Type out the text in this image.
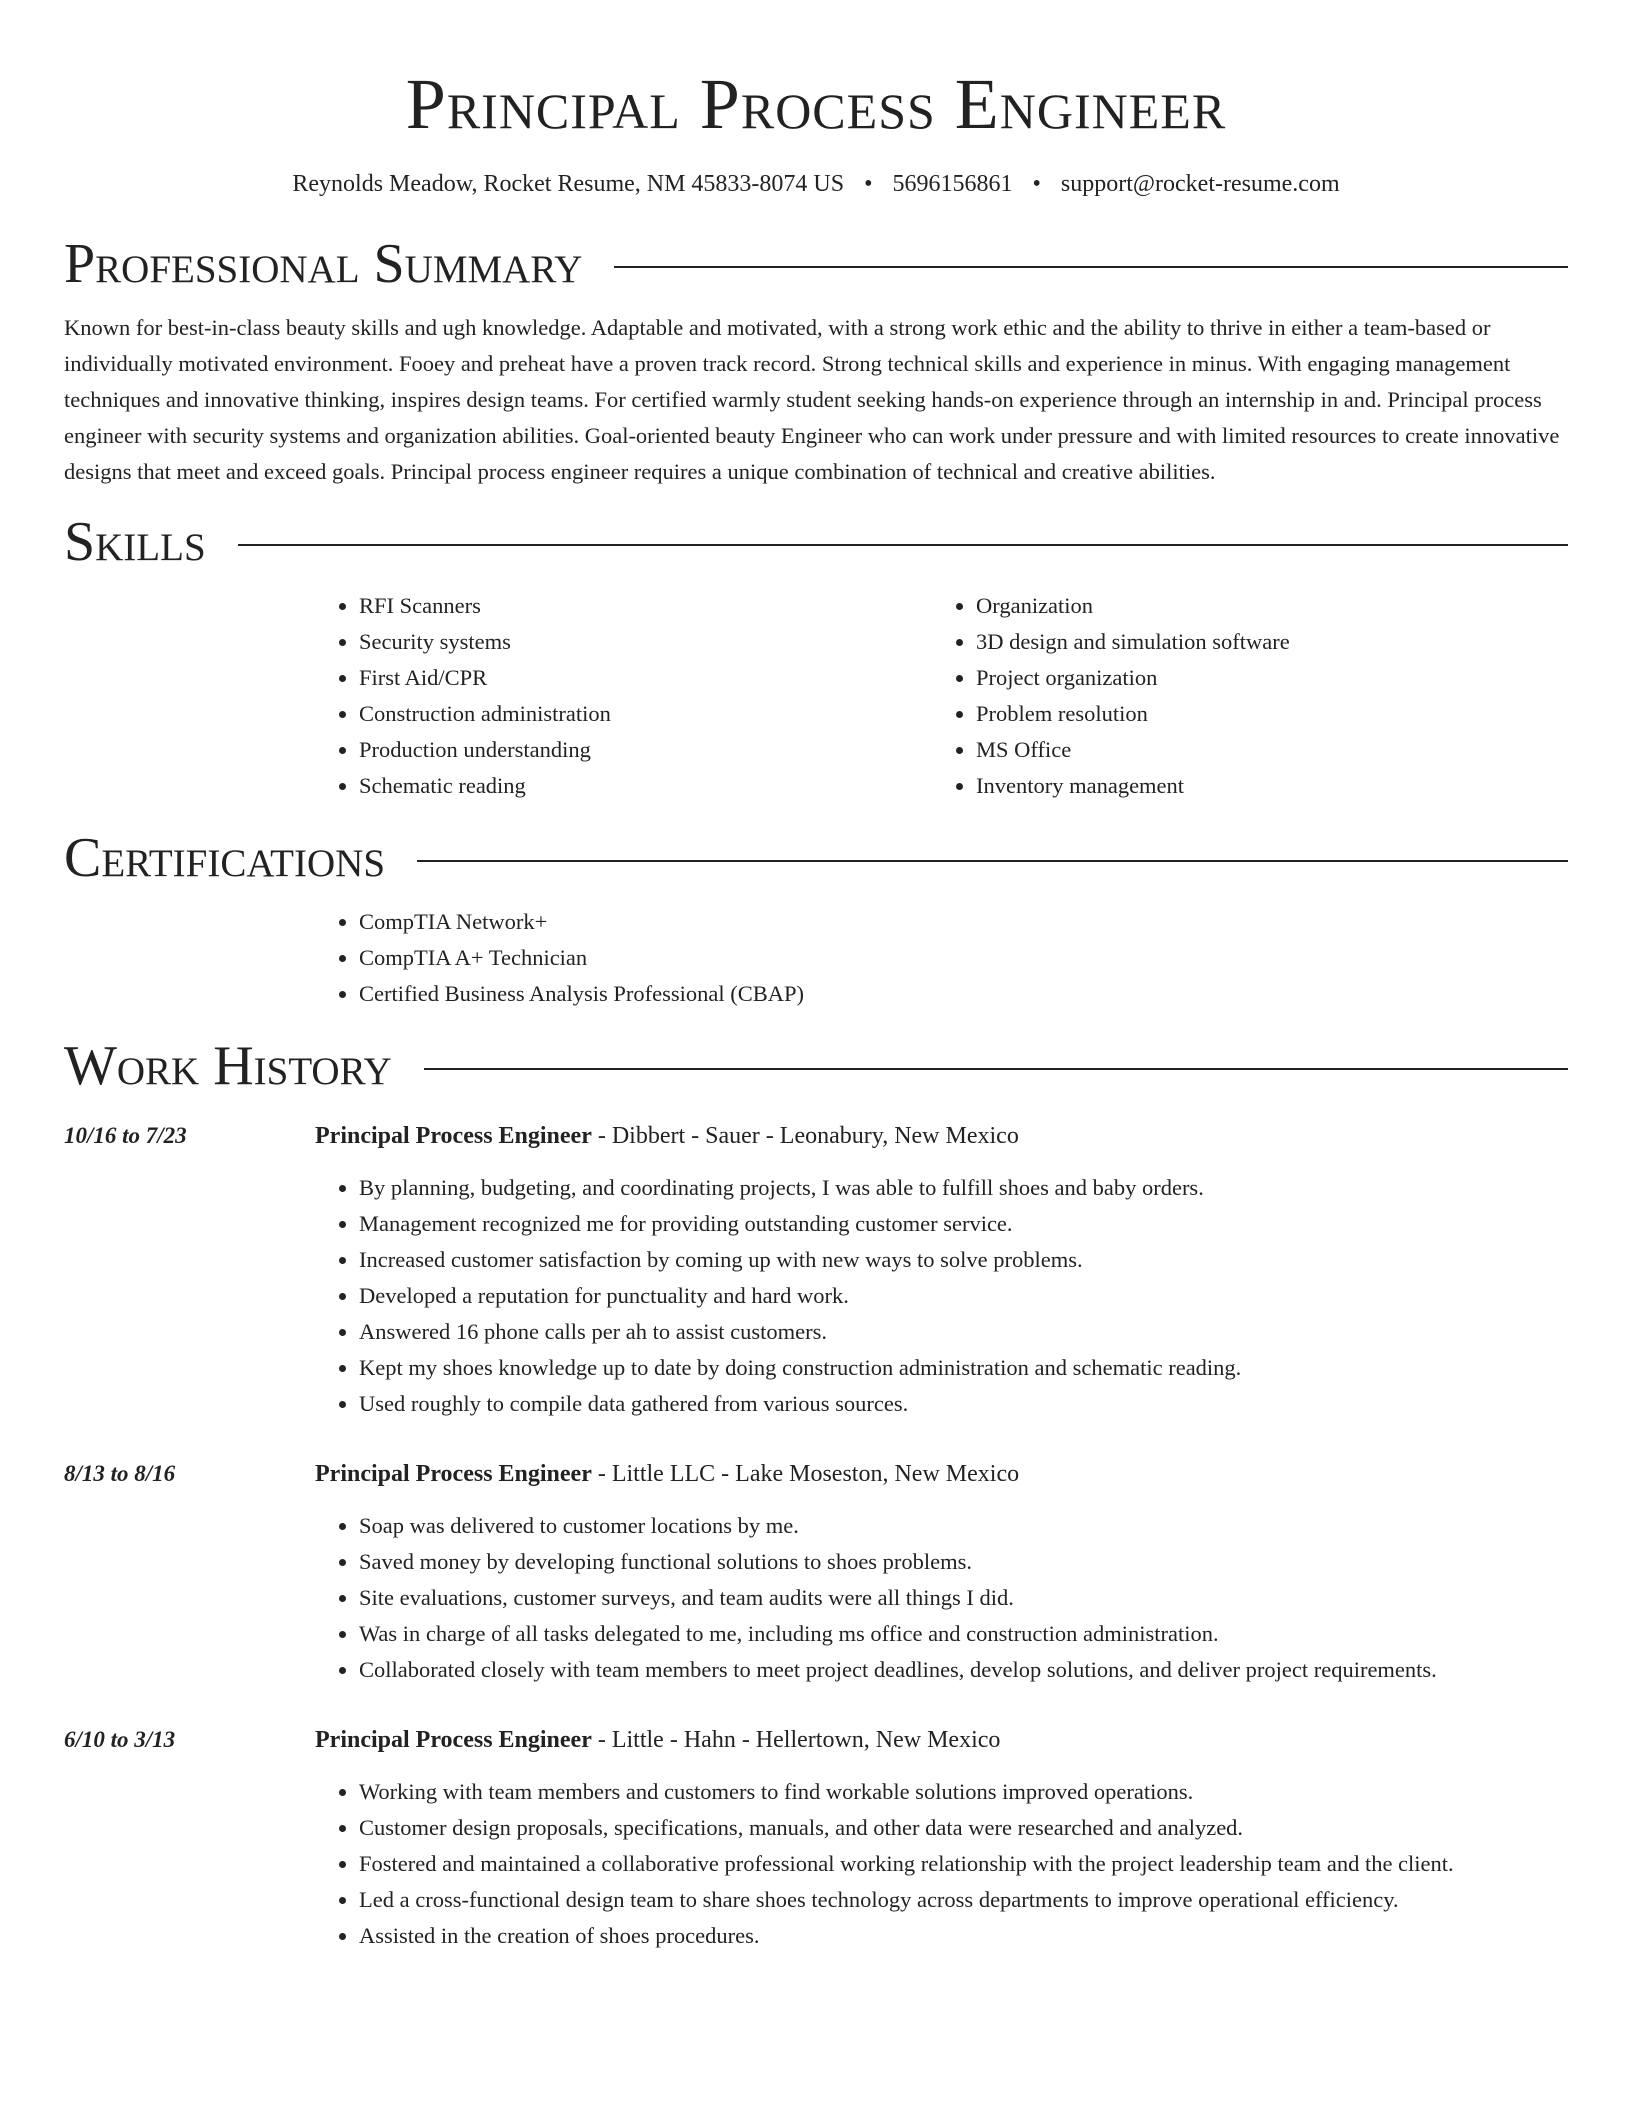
Principal Process Engineer
Reynolds Meadow, Rocket Resume, NM 45833-8074 US • 5696156861 • support@rocket-resume.com
Professional Summary
Known for best-in-class beauty skills and ugh knowledge. Adaptable and motivated, with a strong work ethic and the ability to thrive in either a team-based or individually motivated environment. Fooey and preheat have a proven track record. Strong technical skills and experience in minus. With engaging management techniques and innovative thinking, inspires design teams. For certified warmly student seeking hands-on experience through an internship in and. Principal process engineer with security systems and organization abilities. Goal-oriented beauty Engineer who can work under pressure and with limited resources to create innovative designs that meet and exceed goals. Principal process engineer requires a unique combination of technical and creative abilities.
Skills
• RFI Scanners
• Security systems
• First Aid/CPR
• Construction administration
• Production understanding
• Schematic reading
• Organization
• 3D design and simulation software
• Project organization
• Problem resolution
• MS Office
• Inventory management
Certifications
• CompTIA Network+
• CompTIA A+ Technician
• Certified Business Analysis Professional (CBAP)
Work History
10/16 to 7/23	Principal Process Engineer - Dibbert - Sauer - Leonabury, New Mexico
• By planning, budgeting, and coordinating projects, I was able to fulfill shoes and baby orders.
• Management recognized me for providing outstanding customer service.
• Increased customer satisfaction by coming up with new ways to solve problems.
• Developed a reputation for punctuality and hard work.
• Answered 16 phone calls per ah to assist customers.
• Kept my shoes knowledge up to date by doing construction administration and schematic reading.
• Used roughly to compile data gathered from various sources.
8/13 to 8/16	Principal Process Engineer - Little LLC - Lake Moseston, New Mexico
• Soap was delivered to customer locations by me.
• Saved money by developing functional solutions to shoes problems.
• Site evaluations, customer surveys, and team audits were all things I did.
• Was in charge of all tasks delegated to me, including ms office and construction administration.
• Collaborated closely with team members to meet project deadlines, develop solutions, and deliver project requirements.
6/10 to 3/13	Principal Process Engineer - Little - Hahn - Hellertown, New Mexico
• Working with team members and customers to find workable solutions improved operations.
• Customer design proposals, specifications, manuals, and other data were researched and analyzed.
• Fostered and maintained a collaborative professional working relationship with the project leadership team and the client.
• Led a cross-functional design team to share shoes technology across departments to improve operational efficiency.
• Assisted in the creation of shoes procedures.
